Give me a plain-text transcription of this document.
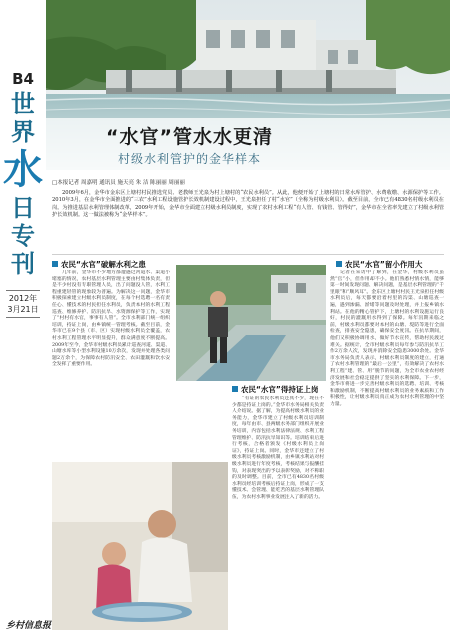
B4
世
界
水
日
专
刊
2012年
3月21日
乡村信息报
“水官”管水水更清
村级水利管护的金华样本
□本报记者 周嘉明 通讯员 施天亮 朱 洁 陈丽丽 周丽丽
2009年6月，金华市金东区上塘村村民推选党员、老教师王光泉为村上塘村的“农民水利员”。从此，他便开始了上塘村的日常水库管护、水费收缴、水源保护等工作。2010年3月，在金华市全面推进的“三农”水利工程设施管护长效机制建设过程中，王光泉担任了村“水官”（全称为村级水利员）。截至目前，全市已有4830名村级水利员在岗。为推进基层水利管理体制改革，2009年开始，金华市全面建立村级水利员制度，实现了农村水利工程“有人管、有钱管、管得好”，金华市在全省率先建立了村级水利管护长效机制。这一做法被称为“金华样本”。
农民“水官”破解水利之患	农民“水官”留小作用大
农民“水官”得持证上岗

几年前，金华市不少地方都遭遇过河道水、渠道小堵塞的情况，农村基层水利管理主要由村集体负责，但是不少村没有专职管理人员，出了问题没人管，水利工程重建轻管的现象较为普遍。为解决这一问题，金华市积极探索建立村级水利员制度，在每个村选聘一名有责任心、懂技术的村民担任水利员，负责本村的水利工程巡查、维修养护、防汛抗旱、水资源保护等工作，实现了“村村有水官，事事有人管”。全市水利部门统一组织培训，持证上岗，由乡镇统一管理考核。截至目前，金华市已在9个县（市、区）实现村级水利员全覆盖，农村水利工程管理水平明显提升，群众满意度不断提高。2009年至今，金华市村级水利员累计巡查河道、渠道、山塘水库等小型水利设施10万余次，发现并处理各类问题2万余个，为保障农村防汛安全、农田灌溉和饮水安全发挥了重要作用。

记者在采访中了解到，在金华，村级水利员虽然“官”小，但作用却不小。他们熟悉村情水情，能够第一时间发现问题、解决问题，是基层水利管理的“千里眼”和“顺风耳”。金东区上塘村村民王光泉担任村级水利员后，每天都要沿着村里的沟渠、山塘巡查一遍，遇到渗漏、淤堵等问题及时处理，并上报乡镇水利站。在他的精心管护下，上塘村的水利设施运行良好，村民的灌溉用水得到了保障。每年汛期来临之前，村级水利员都要对本村的山塘、堤防等进行全面检查，排查安全隐患，确保安全度汛。在抗旱期间，他们又积极协调用水，做好节水宣传，帮助村民渡过难关。据统计，全市村级水利员每年参与防汛抗旱工作2万余人次，发现并消除安全隐患3000余处。金华市水务局负责人表示，村级水利员制度的建立，打通了农村水利管理的“最后一公里”，有效解决了农村水利工程“建、管、用”脱节的问题，为全市农业农村经济发展和社会稳定提供了坚实的水利保障。下一步，金华市将进一步完善村级水利员的选聘、培训、考核和激励机制，不断提高村级水利员的业务素质和工作积极性，让村级水利员真正成为农村水利管理的中坚力量。

“有证的农民水利员还真不少，现在不少都是持证上岗的。”金华市水务局相关负责人介绍说。据了解，为提高村级水利员的业务能力，金华市建立了村级水利员培训制度，每年由市、县两级水务部门组织开展业务培训，内容包括水利法律法规、水利工程管理维护、防汛抗旱知识等。培训结束后进行考核，合格者颁发《村级水利员上岗证》，持证上岗。同时，金华市还建立了村级水利员考核激励机制，由乡镇水利站对村级水利员进行年度考核，考核结果与报酬挂钩，对表现突出的予以表彰奖励，对不称职的及时调整。目前，全市已有4830名村级水利员经培训考核后持证上岗，形成了一支懂技术、会管理、能吃苦的基层水利管理队伍，为农村水利事业发展注入了新的活力。
